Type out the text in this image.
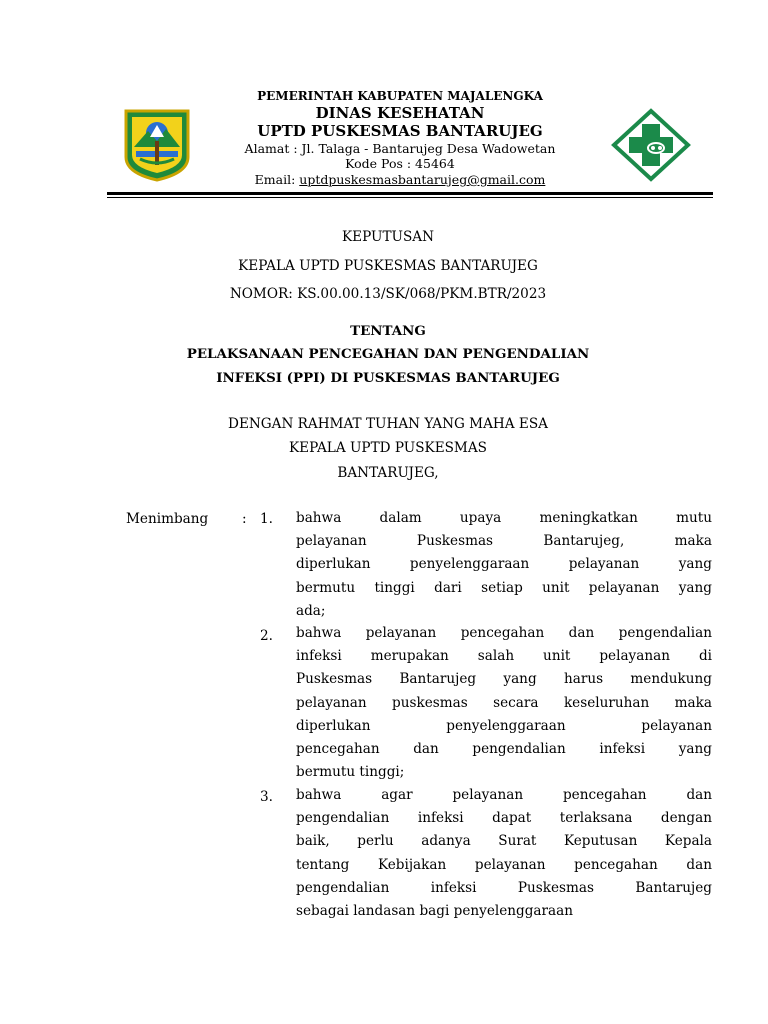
PEMERINTAH KABUPATEN MAJALENGKA
DINAS KESEHATAN
UPTD PUSKESMAS BANTARUJEG
Alamat : Jl. Talaga - Bantarujeg Desa Wadowetan
Kode Pos : 45464
Email: uptdpuskesmasbantarujeg@gmail.com
KEPUTUSAN
KEPALA UPTD PUSKESMAS BANTARUJEG
NOMOR: KS.00.00.13/SK/068/PKM.BTR/2023
TENTANG
PELAKSANAAN PENCEGAHAN DAN PENGENDALIAN
INFEKSI (PPI) DI PUSKESMAS BANTARUJEG
DENGAN RAHMAT TUHAN YANG MAHA ESA
KEPALA UPTD PUSKESMAS
BANTARUJEG,
Menimbang : 1. bahwa dalam upaya meningkatkan mutu
pelayanan Puskesmas Bantarujeg, maka
diperlukan penyelenggaraan pelayanan yang
bermutu tinggi dari setiap unit pelayanan yang
ada;
2. bahwa pelayanan pencegahan dan pengendalian
infeksi merupakan salah unit pelayanan di
Puskesmas Bantarujeg yang harus mendukung
pelayanan puskesmas secara keseluruhan maka
diperlukan penyelenggaraan pelayanan
pencegahan dan pengendalian infeksi yang
bermutu tinggi;
3. bahwa agar pelayanan pencegahan dan
pengendalian infeksi dapat terlaksana dengan
baik, perlu adanya Surat Keputusan Kepala
tentang Kebijakan pelayanan pencegahan dan
pengendalian infeksi Puskesmas Bantarujeg
sebagai landasan bagi penyelenggaraan
